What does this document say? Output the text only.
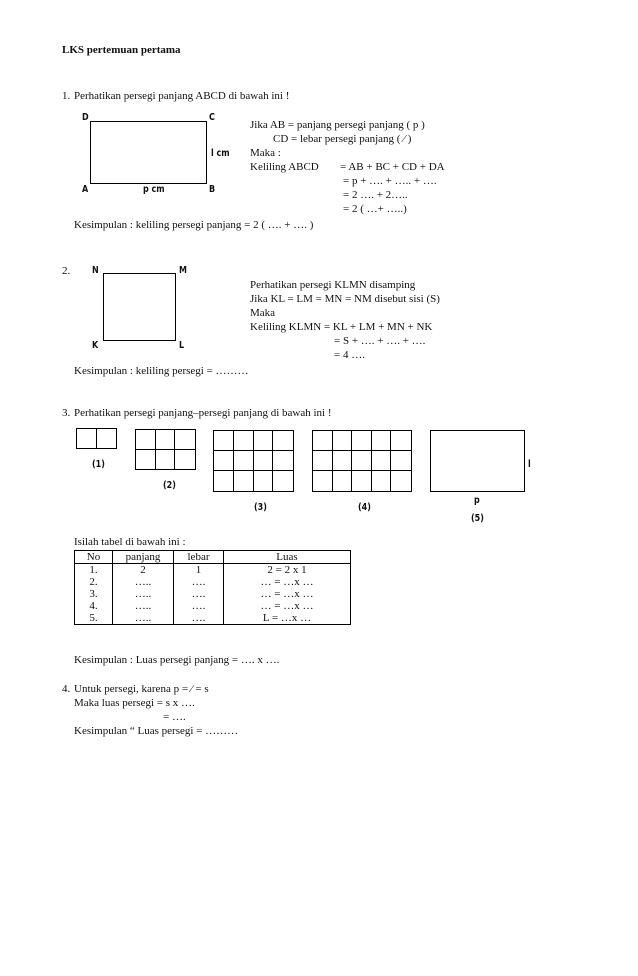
LKS pertemuan pertama
1. Perhatikan persegi panjang ABCD di bawah ini !
D	C
l cm
A	p cm	B
Jika AB = panjang persegi panjang ( p )
CD = lebar persegi panjang ( ⁄ )
Maka :
Keliling ABCD = AB + BC + CD + DA
= p + …. + ….. + ….
= 2 …. + 2…..
= 2 ( …+ …..)
Kesimpulan : keliling persegi panjang = 2 ( …. + …. )
2. N	M
K	L
Perhatikan persegi KLMN disamping
Jika KL = LM = MN = NM disebut sisi (S)
Maka
Keliling KLMN = KL + LM + MN + NK
= S + …. + …. + ….
= 4 ….
Kesimpulan : keliling persegi = ………
3. Perhatikan persegi panjang–persegi panjang di bawah ini !
(1)
(2)
(3)	(4)
l
p
(5)
Isilah tabel di bawah ini :
No	panjang	lebar	Luas
1.	2	1	2 = 2 x 1
2.	…..	….	… = …x …
3.	…..	….	… = …x …
4.	…..	….	… = …x …
5.	…..	….	L = …x …
Kesimpulan : Luas persegi panjang = …. x ….
4. Untuk persegi, karena p = ⁄ = s
Maka luas persegi = s x ….
= ….
Kesimpulan “ Luas persegi = ………
